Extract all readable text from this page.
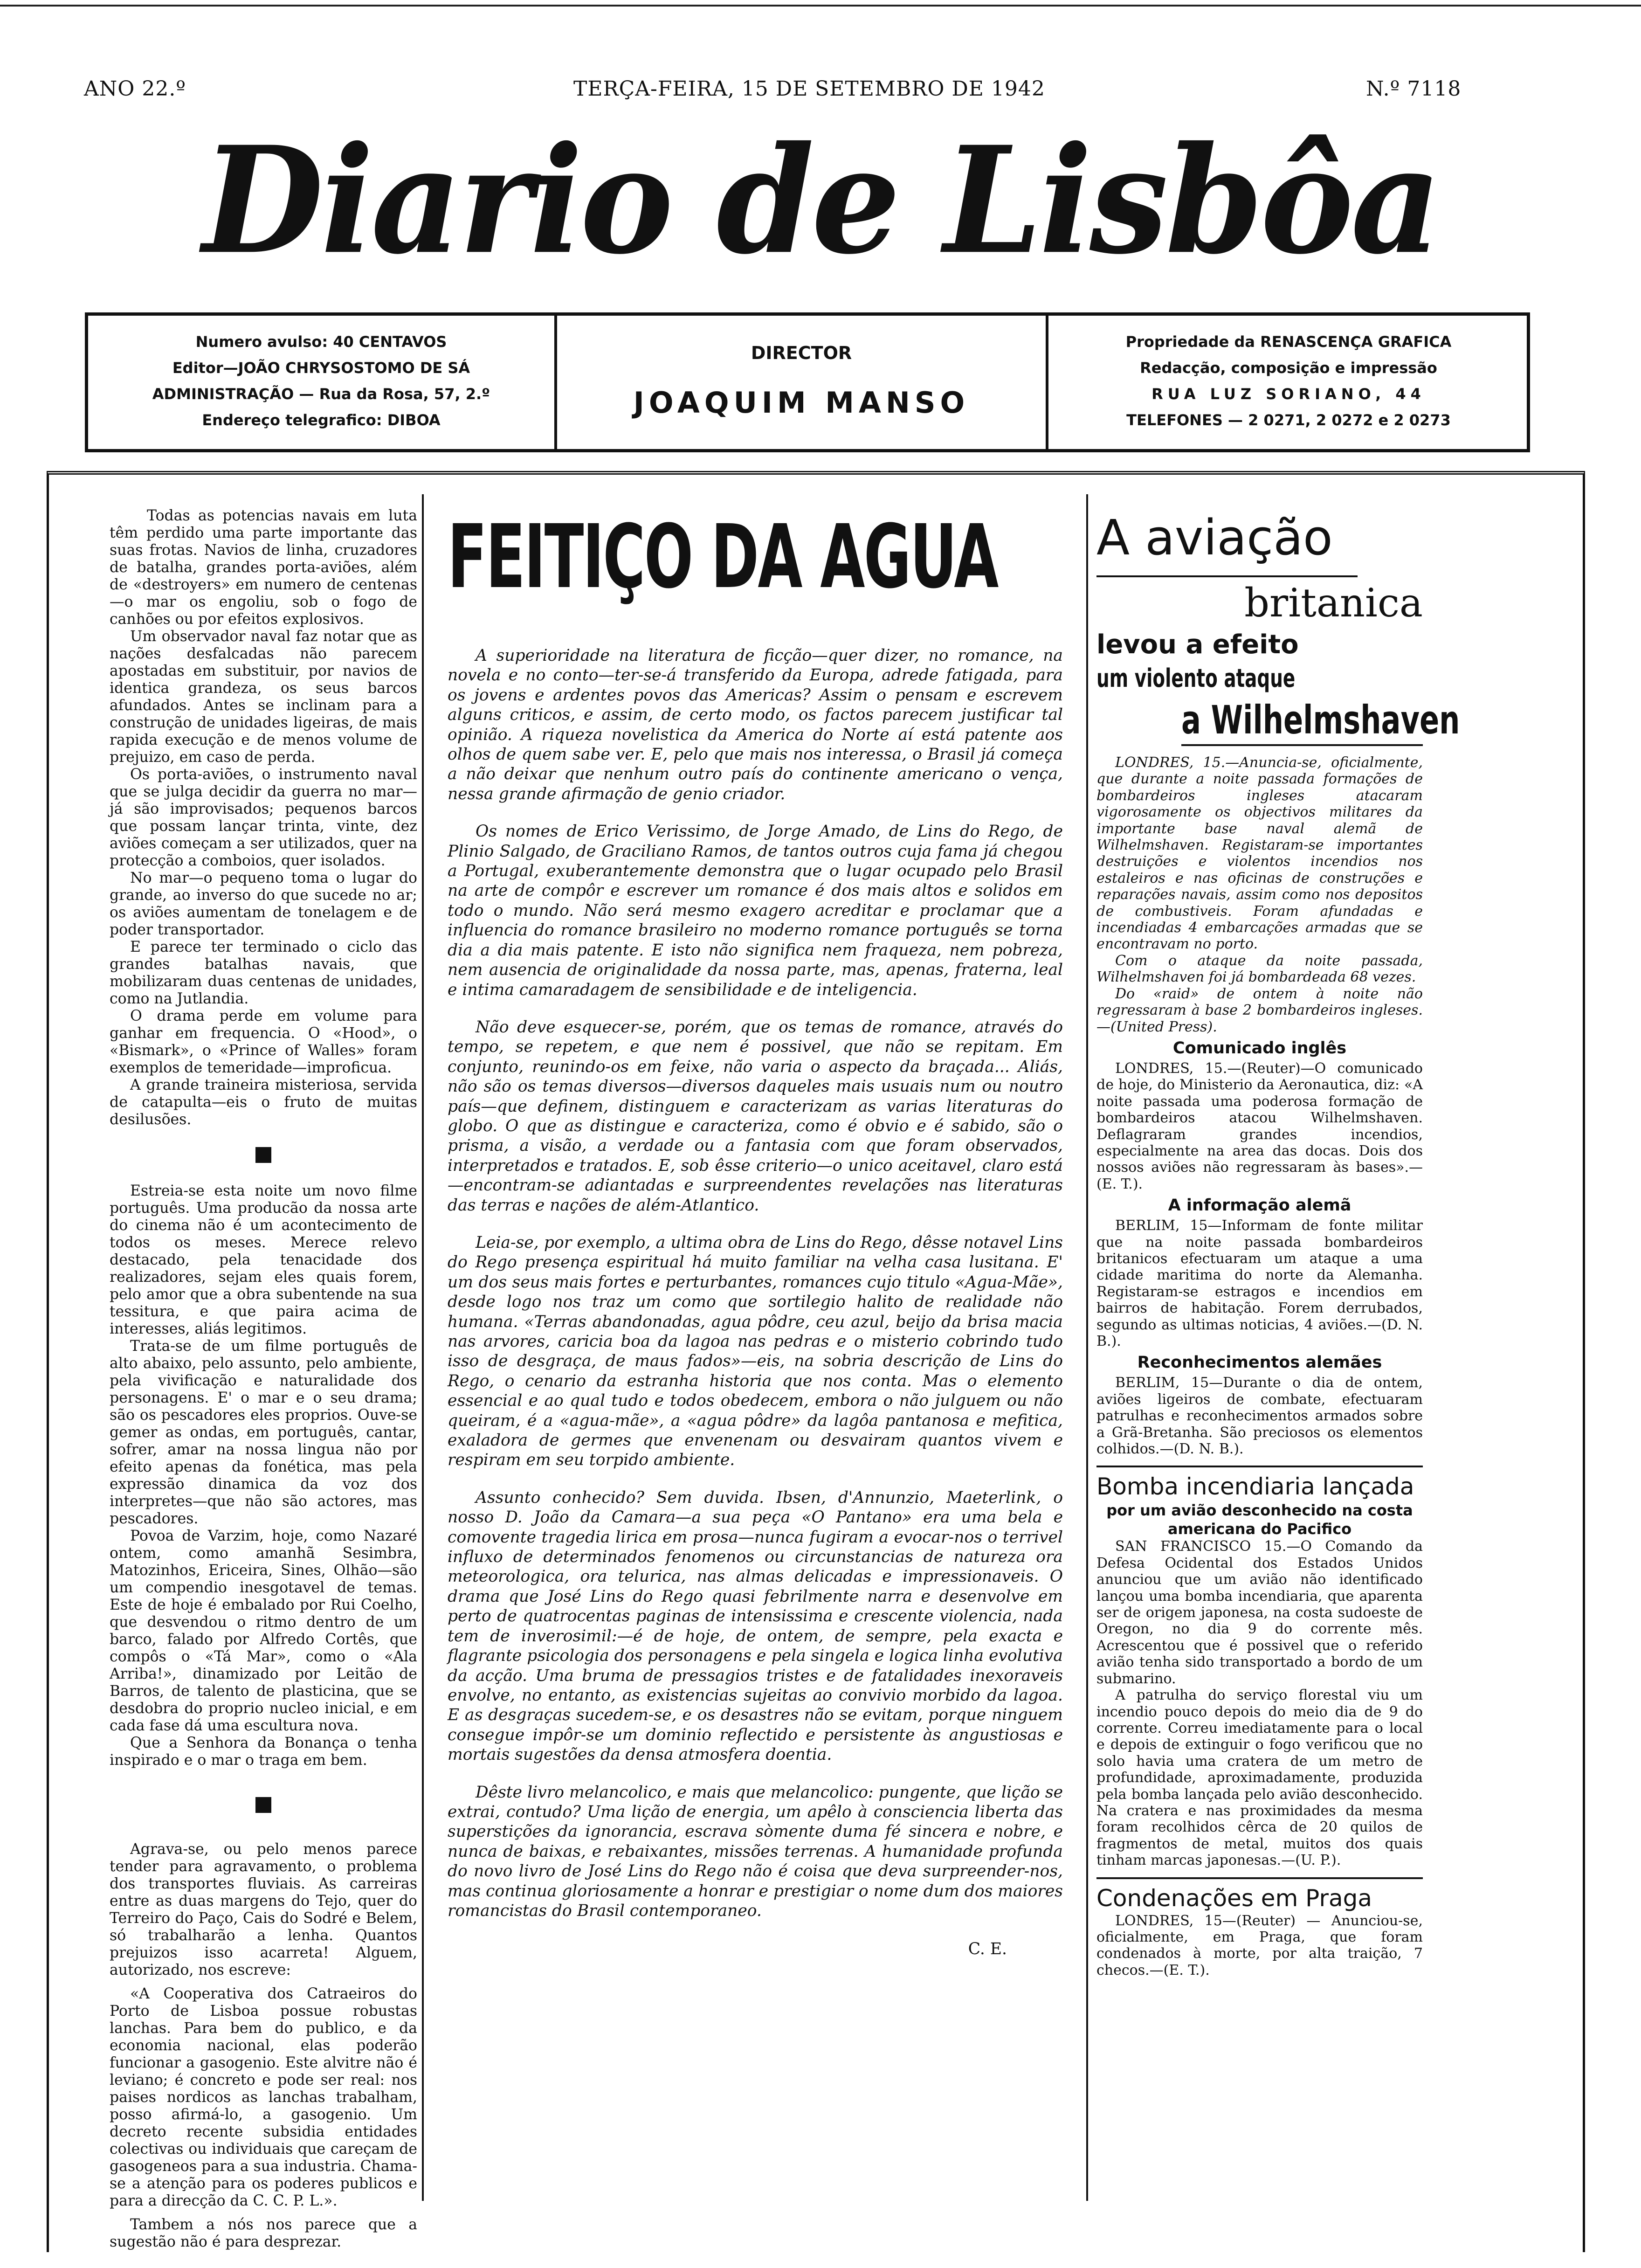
ANO 22.º	TERÇA-FEIRA, 15 DE SETEMBRO DE 1942	N.º 7118
Diario de Lisbôa
Numero avulso: 40 CENTAVOS
Editor—JOÃO CHRYSOSTOMO DE SÁ
ADMINISTRAÇÃO — Rua da Rosa, 57, 2.º
Endereço telegrafico: DIBOA
DIRECTOR
JOAQUIM MANSO
Propriedade da RENASCENÇA GRAFICA
Redacção, composição e impressão
RUA LUZ SORIANO, 44
TELEFONES — 2 0271, 2 0272 e 2 0273

Todas as potencias navais em luta têm perdido uma parte importante das suas frotas. Navios de linha, cruzadores de batalha, grandes porta-aviões, além de «destroyers» em numero de centenas—o mar os engoliu, sob o fogo de canhões ou por efeitos explosivos.

Um observador naval faz notar que as nações desfalcadas não parecem apostadas em substituir, por navios de identica grandeza, os seus barcos afundados. Antes se inclinam para a construção de unidades ligeiras, de mais rapida execução e de menos volume de prejuizo, em caso de perda.

Os porta-aviões, o instrumento naval que se julga decidir da guerra no mar—já são improvisados; pequenos barcos que possam lançar trinta, vinte, dez aviões começam a ser utilizados, quer na protecção a comboios, quer isolados.

No mar—o pequeno toma o lugar do grande, ao inverso do que sucede no ar; os aviões aumentam de tonelagem e de poder transportador.

E parece ter terminado o ciclo das grandes batalhas navais, que mobilizaram duas centenas de unidades, como na Jutlandia.

O drama perde em volume para ganhar em frequencia. O «Hood», o «Bismark», o «Prince of Walles» foram exemplos de temeridade—improficua.

A grande traineira misteriosa, servida de catapulta—eis o fruto de muitas desilusões.

Estreia-se esta noite um novo filme português. Uma producão da nossa arte do cinema não é um acontecimento de todos os meses. Merece relevo destacado, pela tenacidade dos realizadores, sejam eles quais forem, pelo amor que a obra subentende na sua tessitura, e que paira acima de interesses, aliás legitimos.

Trata-se de um filme português de alto abaixo, pelo assunto, pelo ambiente, pela vivificação e naturalidade dos personagens. E' o mar e o seu drama; são os pescadores eles proprios. Ouve-se gemer as ondas, em português, cantar, sofrer, amar na nossa lingua não por efeito apenas da fonética, mas pela expressão dinamica da voz dos interpretes—que não são actores, mas pescadores.

Povoa de Varzim, hoje, como Nazaré ontem, como amanhã Sesimbra, Matozinhos, Ericeira, Sines, Olhão—são um compendio inesgotavel de temas. Este de hoje é embalado por Rui Coelho, que desvendou o ritmo dentro de um barco, falado por Alfredo Cortês, que compôs o «Tá Mar», como o «Ala Arriba!», dinamizado por Leitão de Barros, de talento de plasticina, que se desdobra do proprio nucleo inicial, e em cada fase dá uma escultura nova.

Que a Senhora da Bonança o tenha inspirado e o mar o traga em bem.

Agrava-se, ou pelo menos parece tender para agravamento, o problema dos transportes fluviais. As carreiras entre as duas margens do Tejo, quer do Terreiro do Paço, Cais do Sodré e Belem, só trabalharão a lenha. Quantos prejuizos isso acarreta! Alguem, autorizado, nos escreve:

«A Cooperativa dos Catraeiros do Porto de Lisboa possue robustas lanchas. Para bem do publico, e da economia nacional, elas poderão funcionar a gasogenio. Este alvitre não é leviano; é concreto e pode ser real: nos paises nordicos as lanchas trabalham, posso afirmá-lo, a gasogenio. Um decreto recente subsidia entidades colectivas ou individuais que careçam de gasogeneos para a sua industria. Chama-se a atenção para os poderes publicos e para a direcção da C. C. P. L.».

Tambem a nós nos parece que a sugestão não é para desprezar.

FEITIÇO DA AGUA

A superioridade na literatura de ficção—quer dizer, no romance, na novela e no conto—ter-se-á transferido da Europa, adrede fatigada, para os jovens e ardentes povos das Americas? Assim o pensam e escrevem alguns criticos, e assim, de certo modo, os factos parecem justificar tal opinião. A riqueza novelistica da America do Norte aí está patente aos olhos de quem sabe ver. E, pelo que mais nos interessa, o Brasil já começa a não deixar que nenhum outro país do continente americano o vença, nessa grande afirmação de genio criador.

Os nomes de Erico Verissimo, de Jorge Amado, de Lins do Rego, de Plinio Salgado, de Graciliano Ramos, de tantos outros cuja fama já chegou a Portugal, exuberantemente demonstra que o lugar ocupado pelo Brasil na arte de compôr e escrever um romance é dos mais altos e solidos em todo o mundo. Não será mesmo exagero acreditar e proclamar que a influencia do romance brasileiro no moderno romance português se torna dia a dia mais patente. E isto não significa nem fraqueza, nem pobreza, nem ausencia de originalidade da nossa parte, mas, apenas, fraterna, leal e intima camaradagem de sensibilidade e de inteligencia.

Não deve esquecer-se, porém, que os temas de romance, através do tempo, se repetem, e que nem é possivel, que não se repitam. Em conjunto, reunindo-os em feixe, não varia o aspecto da braçada... Aliás, não são os temas diversos—diversos daqueles mais usuais num ou noutro país—que definem, distinguem e caracterizam as varias literaturas do globo. O que as distingue e caracteriza, como é obvio e é sabido, são o prisma, a visão, a verdade ou a fantasia com que foram observados, interpretados e tratados. E, sob êsse criterio—o unico aceitavel, claro está—encontram-se adiantadas e surpreendentes revelações nas literaturas das terras e nações de além-Atlantico.

Leia-se, por exemplo, a ultima obra de Lins do Rego, dêsse notavel Lins do Rego presença espiritual há muito familiar na velha casa lusitana. E' um dos seus mais fortes e perturbantes, romances cujo titulo «Agua-Mãe», desde logo nos traz um como que sortilegio halito de realidade não humana. «Terras abandonadas, agua pôdre, ceu azul, beijo da brisa macia nas arvores, caricia boa da lagoa nas pedras e o misterio cobrindo tudo isso de desgraça, de maus fados»—eis, na sobria descrição de Lins do Rego, o cenario da estranha historia que nos conta. Mas o elemento essencial e ao qual tudo e todos obedecem, embora o não julguem ou não queiram, é a «agua-mãe», a «agua pôdre» da lagôa pantanosa e mefitica, exaladora de germes que envenenam ou desvairam quantos vivem e respiram em seu torpido ambiente.

Assunto conhecido? Sem duvida. Ibsen, d'Annunzio, Maeterlink, o nosso D. João da Camara—a sua peça «O Pantano» era uma bela e comovente tragedia lirica em prosa—nunca fugiram a evocar-nos o terrivel influxo de determinados fenomenos ou circunstancias de natureza ora meteorologica, ora telurica, nas almas delicadas e impressionaveis. O drama que José Lins do Rego quasi febrilmente narra e desenvolve em perto de quatrocentas paginas de intensissima e crescente violencia, nada tem de inverosimil:—é de hoje, de ontem, de sempre, pela exacta e flagrante psicologia dos personagens e pela singela e logica linha evolutiva da acção. Uma bruma de pressagios tristes e de fatalidades inexoraveis envolve, no entanto, as existencias sujeitas ao convivio morbido da lagoa. E as desgraças sucedem-se, e os desastres não se evitam, porque ninguem consegue impôr-se um dominio reflectido e persistente às angustiosas e mortais sugestões da densa atmosfera doentia.

Dêste livro melancolico, e mais que melancolico: pungente, que lição se extrai, contudo? Uma lição de energia, um apêlo à consciencia liberta das superstições da ignorancia, escrava sòmente duma fé sincera e nobre, e nunca de baixas, e rebaixantes, missões terrenas. A humanidade profunda do novo livro de José Lins do Rego não é coisa que deva surpreender-nos, mas continua gloriosamente a honrar e prestigiar o nome dum dos maiores romancistas do Brasil contemporaneo.

C. E.
A aviação
britanica
levou a efeito
um violento ataque
a Wilhelmshaven

LONDRES, 15.—Anuncia-se, oficialmente, que durante a noite passada formações de bombardeiros ingleses atacaram vigorosamente os objectivos militares da importante base naval alemã de Wilhelmshaven. Registaram-se importantes destruições e violentos incendios nos estaleiros e nas oficinas de construções e reparações navais, assim como nos depositos de combustiveis. Foram afundadas e incendiadas 4 embarcações armadas que se encontravam no porto.

Com o ataque da noite passada, Wilhelmshaven foi já bombardeada 68 vezes.

Do «raid» de ontem à noite não regressaram à base 2 bombardeiros ingleses.—(United Press).

Comunicado inglês

LONDRES, 15.—(Reuter)—O comunicado de hoje, do Ministerio da Aeronautica, diz: «A noite passada uma poderosa formação de bombardeiros atacou Wilhelmshaven. Deflagraram grandes incendios, especialmente na area das docas. Dois dos nossos aviões não regressaram às bases».—(E. T.).

A informação alemã

BERLIM, 15—Informam de fonte militar que na noite passada bombardeiros britanicos efectuaram um ataque a uma cidade maritima do norte da Alemanha. Registaram-se estragos e incendios em bairros de habitação. Forem derrubados, segundo as ultimas noticias, 4 aviões.—(D. N. B.).

Reconhecimentos alemães

BERLIM, 15—Durante o dia de ontem, aviões ligeiros de combate, efectuaram patrulhas e reconhecimentos armados sobre a Grã-Bretanha. São preciosos os elementos colhidos.—(D. N. B.).

Bomba incendiaria lançada
por um avião desconhecido na costa americana do Pacifico

SAN FRANCISCO 15.—O Comando da Defesa Ocidental dos Estados Unidos anunciou que um avião não identificado lançou uma bomba incendiaria, que aparenta ser de origem japonesa, na costa sudoeste de Oregon, no dia 9 do corrente mês. Acrescentou que é possivel que o referido avião tenha sido transportado a bordo de um submarino.

A patrulha do serviço florestal viu um incendio pouco depois do meio dia de 9 do corrente. Correu imediatamente para o local e depois de extinguir o fogo verificou que no solo havia uma cratera de um metro de profundidade, aproximadamente, produzida pela bomba lançada pelo avião desconhecido. Na cratera e nas proximidades da mesma foram recolhidos cêrca de 20 quilos de fragmentos de metal, muitos dos quais tinham marcas japonesas.—(U. P.).

Condenações em Praga

LONDRES, 15—(Reuter) — Anunciou-se, oficialmente, em Praga, que foram condenados à morte, por alta traição, 7 checos.—(E. T.).
